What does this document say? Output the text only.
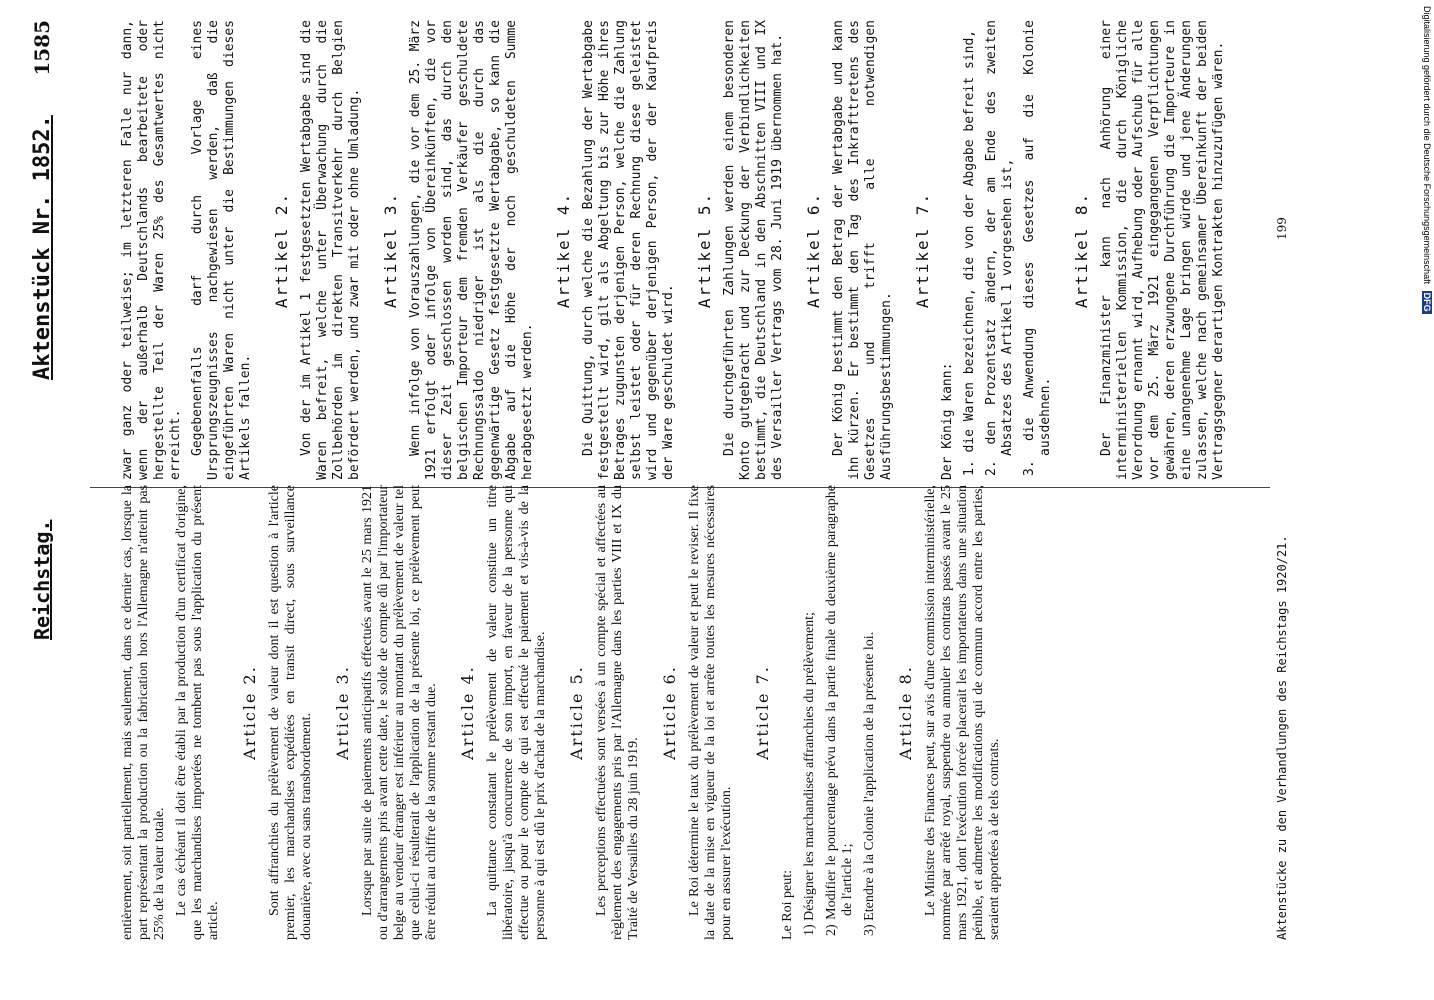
Reichstag.
Aktenstück Nr. 1852.
1585

entièrement, soit partiellement, mais seulement, dans ce dernier cas, lorsque la part représentant la production ou la fabrication hors l'Allemagne n'atteint pas 25% de la valeur totale. Le cas échéant il doit être établi par la production d'un certificat d'origine, que les marchandises importées ne tombent pas sous l'application du présent article.

Article 2. Sont affranchies du prélèvement de valeur dont il est question à l'article premier, les marchandises expédiées en transit direct, sous surveillance douanière, avec ou sans transbordement.

Article 3. Lorsque par suite de paiements anticipatifs effectués avant le 25 mars 1921 ou d'arrangements pris avant cette date, le solde de compte dû par l'importateur belge au vendeur étranger est inférieur au montant du prélèvement de valeur tel que celui-ci résulterait de l'application de la présente loi, ce prélèvement peut être réduit au chiffre de la somme restant due. Article 4. La quittance constatant le prélèvement de valeur constitue un titre libératoire, jusqu'à concurrence de son import, en faveur de la personne qui effectue ou pour le compte de qui est effectué le paiement et vis-à-vis de la personne à qui est dû le prix d'achat de la marchandise. Article 5. Les perceptions effectuées sont versées à un compte spécial et affectées au règlement des engagements pris par l'Allemagne dans les parties VIII et IX du Traité de Versailles du 28 juin 1919.

Article 6. Le Roi détermine le taux du prélèvement de valeur et peut le reviser. Il fixe la date de la mise en vigueur de la loi et arrête toutes les mesures nécessaires pour en assurer l'exécution.

Article 7.

Le Roi peut: 1) Désigner les marchandises affranchies du prélèvement; 2) Modifier le pourcentage prévu dans la partie finale du deuxième paragraphe de l'article 1; 3) Etendre à la Colonie l'application de la présente loi. Article 8. Le Ministre des Finances peut, sur avis d'une commission interministérielle, nommée par arrêté royal, suspendre ou annuler les contrats passés avant le 25 mars 1921, dont l'exécution forcée placerait les importateurs dans une situation pénible, et admettre les modifications qui de commun accord entre les parties, seraient apportées à de tels contrats.

zwar ganz oder teilweise; im letzteren Falle nur dann, wenn der außerhalb Deutschlands bearbeitete oder hergestellte Teil der Waren 25% des Gesamtwertes nicht erreicht. Gegebenenfalls darf durch Vorlage eines Ursprungszeugnisses nachgewiesen werden, daß die eingeführten Waren nicht unter die Bestimmungen dieses Artikels fallen.

Artikel 2. Von der im Artikel 1 festgesetzten Wertabgabe sind die Waren befreit, welche unter Überwachung durch die Zollbehörden im direkten Transitverkehr durch Belgien befördert werden, und zwar mit oder ohne Umladung. Artikel 3. Wenn infolge von Vorauszahlungen, die vor dem 25. März 1921 erfolgt oder infolge von Übereinkünften, die vor dieser Zeit geschlossen worden sind, das durch den belgischen Importeur dem fremden Verkäufer geschuldete Rechnungssaldo niedriger ist als die durch das gegenwärtige Gesetz festgesetzte Wertabgabe, so kann die Abgabe auf die Höhe der noch geschuldeten Summe herabgesetzt werden.

Artikel 4. Die Quittung, durch welche die Bezahlung der Wertabgabe festgestellt wird, gilt als Abgeltung bis zur Höhe ihres Betrages zugunsten derjenigen Person, welche die Zahlung selbst leistet oder für deren Rechnung diese geleistet wird und gegenüber derjenigen Person, der der Kaufpreis der Ware geschuldet wird.

Artikel 5. Die durchgeführten Zahlungen werden einem besonderen Konto gutgebracht und zur Deckung der Verbindlichkeiten bestimmt, die Deutschland in den Abschnitten VIII und IX des Versailler Vertrags vom 28. Juni 1919 übernommen hat. Artikel 6. Der König bestimmt den Betrag der Wertabgabe und kann ihn kürzen. Er bestimmt den Tag des Inkrafttretens des Gesetzes und trifft alle notwendigen Ausführungsbestimmungen.

Artikel 7.

Der König kann: 1. die Waren bezeichnen, die von der Abgabe befreit sind, 2. den Prozentsatz ändern, der am Ende des zweiten Absatzes des Artikel 1 vorgesehen ist, 3. die Anwendung dieses Gesetzes auf die Kolonie ausdehnen.

Artikel 8. Der Finanzminister kann nach Anhörung einer interministeriellen Kommission, die durch Königliche Verordnung ernannt wird, Aufhebung oder Aufschub für alle vor dem 25. März 1921 eingegangenen Verpflichtungen gewähren, deren erzwungene Durchführung die Importeure in eine unangenehme Lage bringen würde und jene Änderungen zulassen, welche nach gemeinsamer Übereinkunft der beiden Vertragsgegner derartigen Kontrakten hinzuzufügen wären.

Aktenstücke zu den Verhandlungen des Reichstags 1920/21.
199	Digitalisierung gefördert durch die Deutsche Forschungsgemeinschaft DFG
